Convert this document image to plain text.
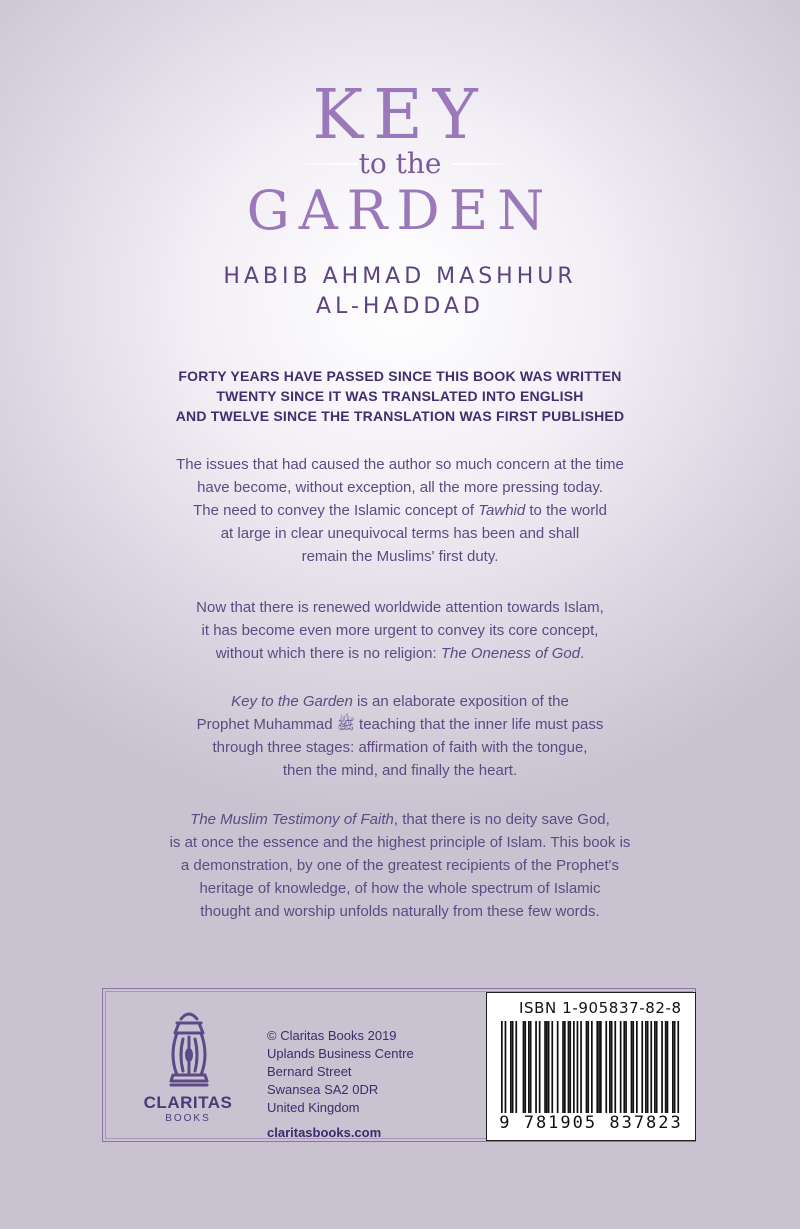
KEY
to the
GARDEN
HABIB AHMAD MASHHUR
AL-HADDAD
FORTY YEARS HAVE PASSED SINCE THIS BOOK WAS WRITTEN
TWENTY SINCE IT WAS TRANSLATED INTO ENGLISH
AND TWELVE SINCE THE TRANSLATION WAS FIRST PUBLISHED
The issues that had caused the author so much concern at the time
have become, without exception, all the more pressing today.
The need to convey the Islamic concept of Tawhid to the world
at large in clear unequivocal terms has been and shall
remain the Muslims' first duty.
Now that there is renewed worldwide attention towards Islam,
it has become even more urgent to convey its core concept,
without which there is no religion: The Oneness of God.
Key to the Garden is an elaborate exposition of the
Prophet Muhammad ﷺ teaching that the inner life must pass
through three stages: affirmation of faith with the tongue,
then the mind, and finally the heart.
The Muslim Testimony of Faith, that there is no deity save God,
is at once the essence and the highest principle of Islam. This book is
a demonstration, by one of the greatest recipients of the Prophet's
heritage of knowledge, of how the whole spectrum of Islamic
thought and worship unfolds naturally from these few words.
CLARITAS
BOOKS
© Claritas Books 2019
Uplands Business Centre
Bernard Street
Swansea SA2 0DR
United Kingdom
claritasbooks.com
ISBN 1-905837-82-8
9 781905 837823
